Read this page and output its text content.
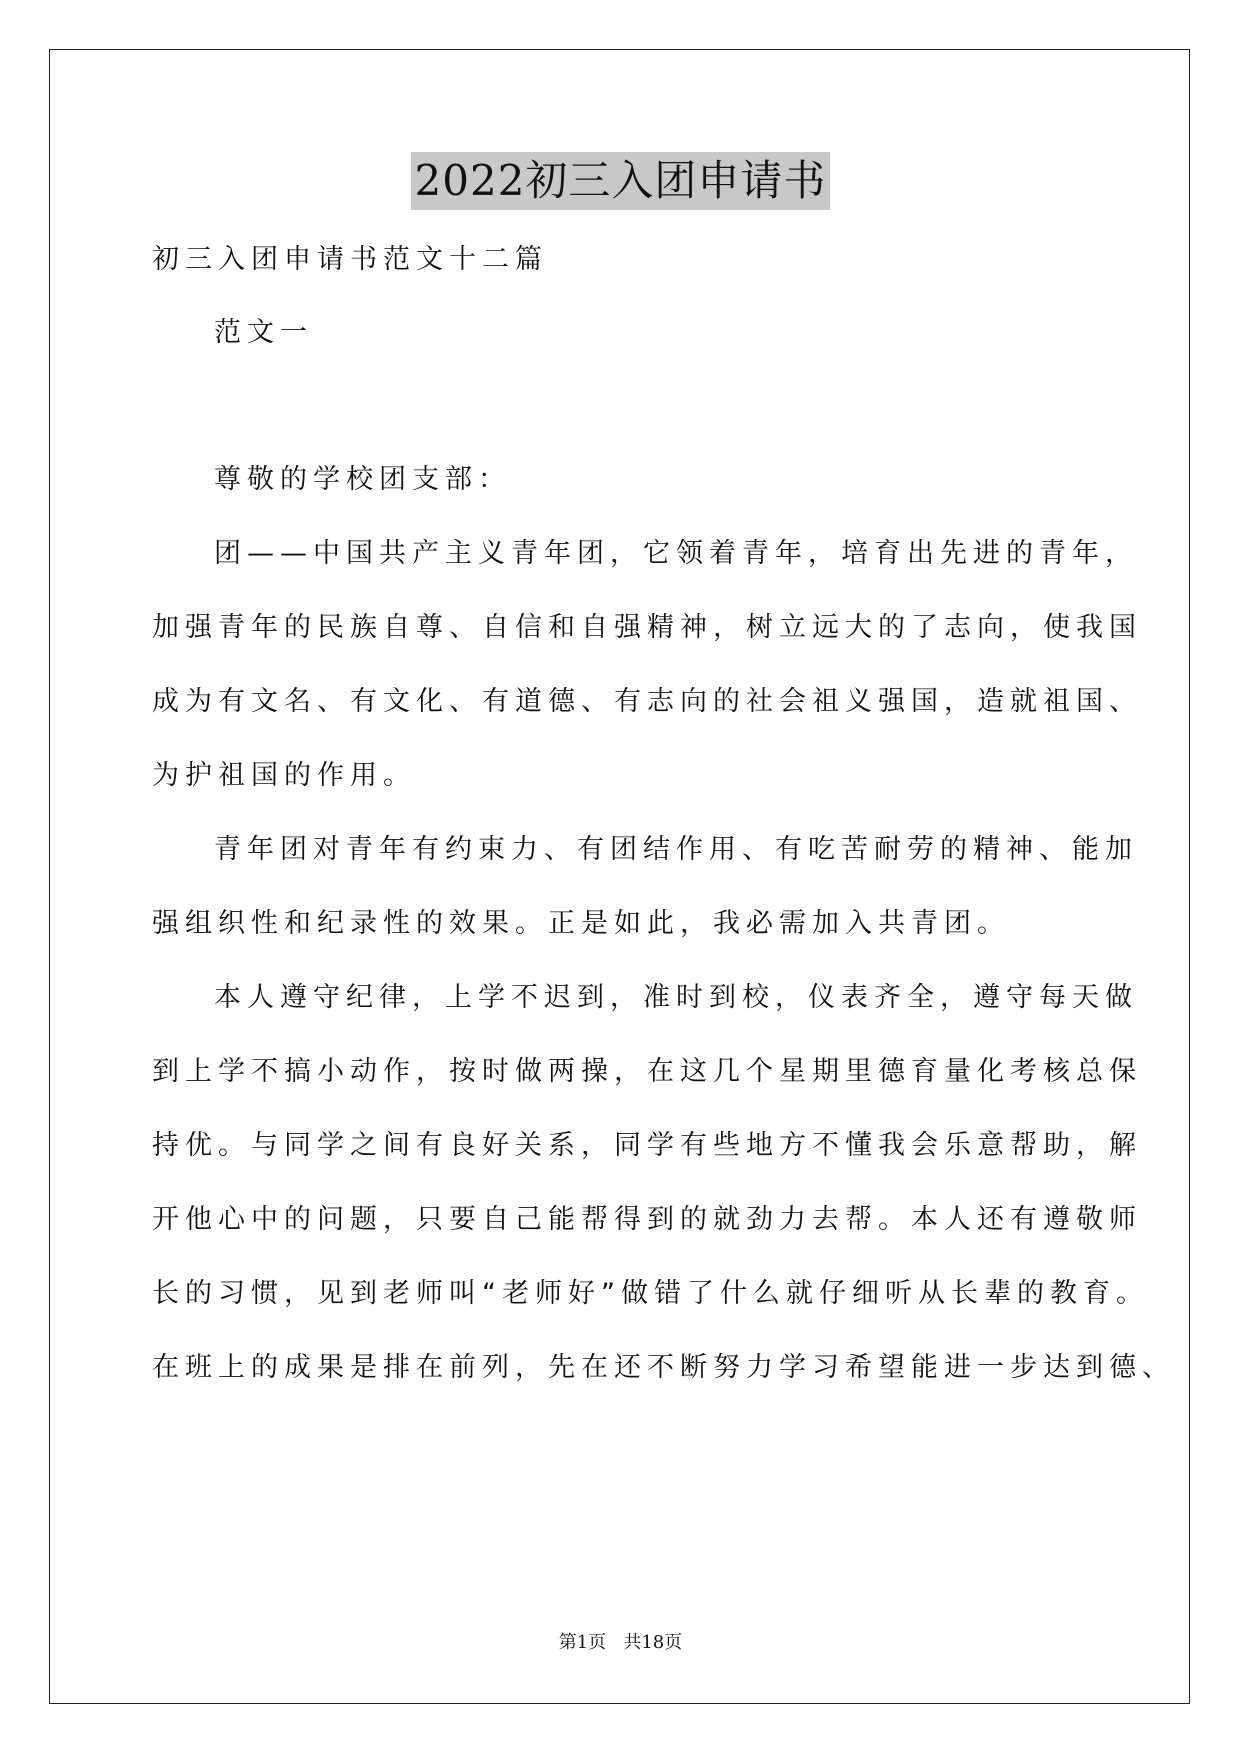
2022初三入团申请书
初三入团申请书范文十二篇
范文一
尊敬的学校团支部：
团——中国共产主义青年团，它领着青年，培育出先进的青年，
加强青年的民族自尊、自信和自强精神，树立远大的了志向，使我国
成为有文名、有文化、有道德、有志向的社会祖义强国，造就祖国、
为护祖国的作用。
青年团对青年有约束力、有团结作用、有吃苦耐劳的精神、能加
强组织性和纪录性的效果。正是如此，我必需加入共青团。
本人遵守纪律，上学不迟到，准时到校，仪表齐全，遵守每天做
到上学不搞小动作，按时做两操，在这几个星期里德育量化考核总保
持优。与同学之间有良好关系，同学有些地方不懂我会乐意帮助，解
开他心中的问题，只要自己能帮得到的就劲力去帮。本人还有遵敬师
长的习惯，见到老师叫“老师好”做错了什么就仔细听从长辈的教育。
在班上的成果是排在前列，先在还不断努力学习希望能进一步达到德、
第1页   共18页
